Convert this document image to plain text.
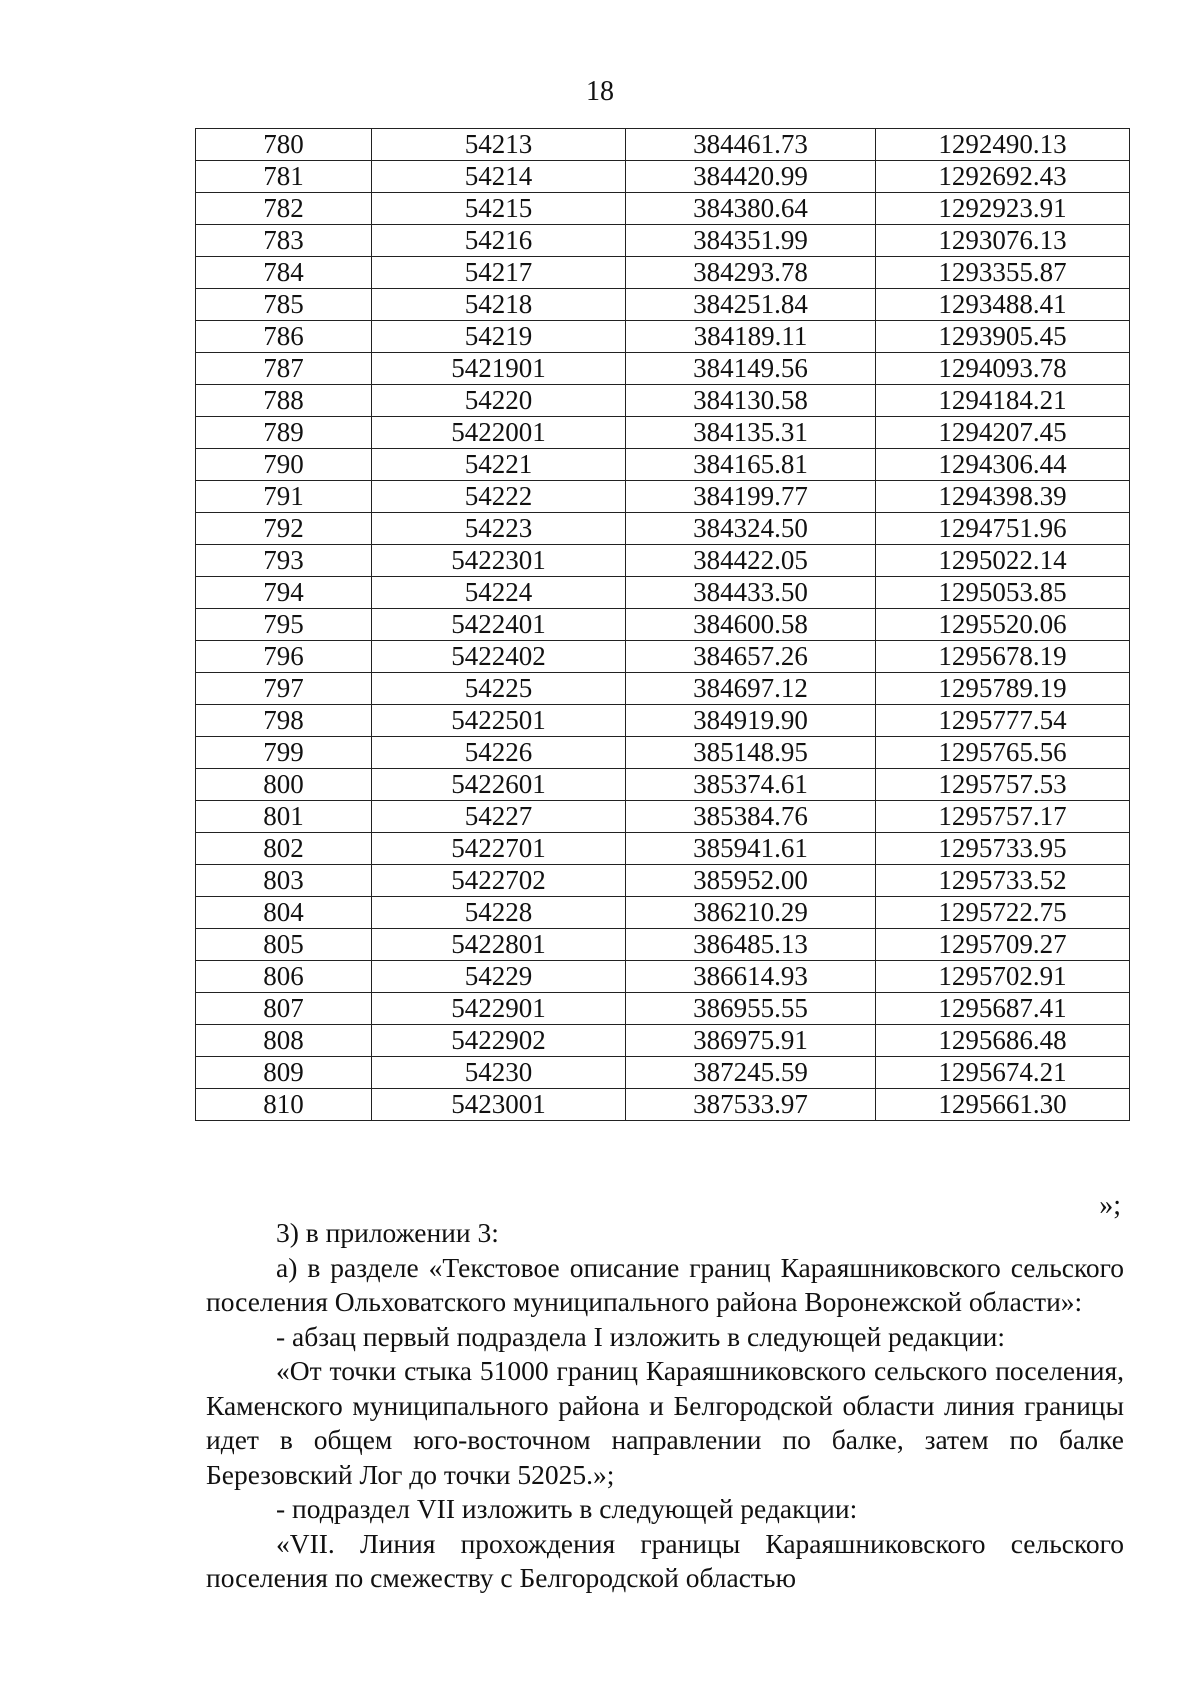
18
780	54213	384461.73	1292490.13
781	54214	384420.99	1292692.43
782	54215	384380.64	1292923.91
783	54216	384351.99	1293076.13
784	54217	384293.78	1293355.87
785	54218	384251.84	1293488.41
786	54219	384189.11	1293905.45
787	5421901	384149.56	1294093.78
788	54220	384130.58	1294184.21
789	5422001	384135.31	1294207.45
790	54221	384165.81	1294306.44
791	54222	384199.77	1294398.39
792	54223	384324.50	1294751.96
793	5422301	384422.05	1295022.14
794	54224	384433.50	1295053.85
795	5422401	384600.58	1295520.06
796	5422402	384657.26	1295678.19
797	54225	384697.12	1295789.19
798	5422501	384919.90	1295777.54
799	54226	385148.95	1295765.56
800	5422601	385374.61	1295757.53
801	54227	385384.76	1295757.17
802	5422701	385941.61	1295733.95
803	5422702	385952.00	1295733.52
804	54228	386210.29	1295722.75
805	5422801	386485.13	1295709.27
806	54229	386614.93	1295702.91
807	5422901	386955.55	1295687.41
808	5422902	386975.91	1295686.48
809	54230	387245.59	1295674.21
810	5423001	387533.97	1295661.30
»;

3) в приложении 3:

а) в разделе «Текстовое описание границ Караяшниковского сельского поселения Ольховатского муниципального района Воронежской области»:

- абзац первый подраздела I изложить в следующей редакции:

«От точки стыка 51000 границ Караяшниковского сельского поселения, Каменского муниципального района и Белгородской области линия границы идет в общем юго-восточном направлении по балке, затем по балке Березовский Лог до точки 52025.»;

- подраздел VII изложить в следующей редакции:

«VII. Линия прохождения границы Караяшниковского сельского поселения по смежеству с Белгородской областью
